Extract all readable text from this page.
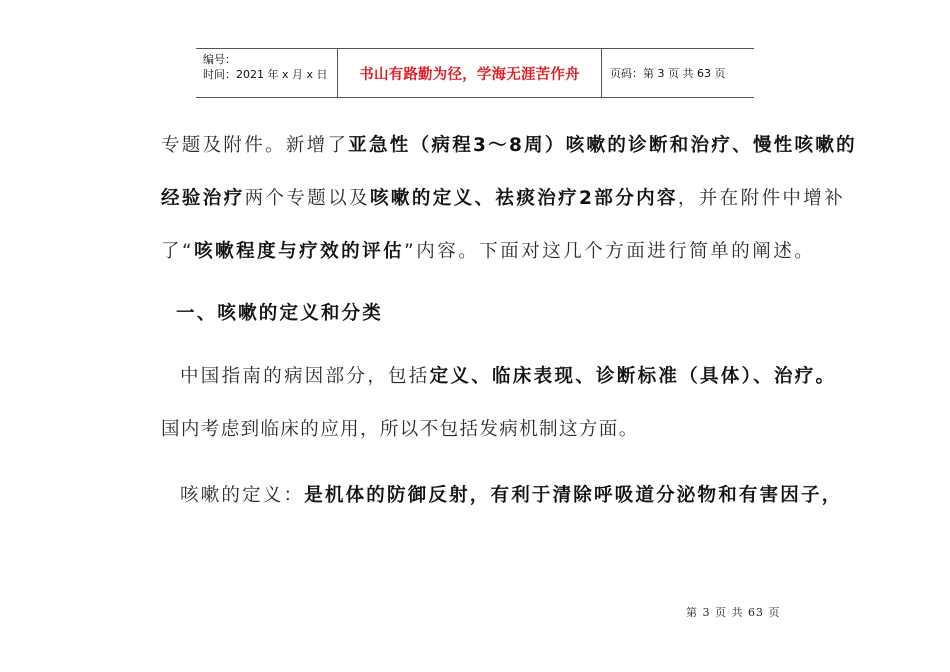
编号：
时间：2021 年 x 月 x 日	书山有路勤为径，学海无涯苦作舟	页码：第 3 页 共 63 页
专题及附件。新增了亚急性（病程3～8周）咳嗽的诊断和治疗、慢性咳嗽的
经验治疗两个专题以及咳嗽的定义、祛痰治疗2部分内容，并在附件中增补
了“咳嗽程度与疗效的评估”内容。下面对这几个方面进行简单的阐述。
一、咳嗽的定义和分类
中国指南的病因部分，包括定义、临床表现、诊断标准（具体）、治疗。
国内考虑到临床的应用，所以不包括发病机制这方面。
咳嗽的定义：是机体的防御反射，有利于清除呼吸道分泌物和有害因子，
第 3 页 共 63 页
